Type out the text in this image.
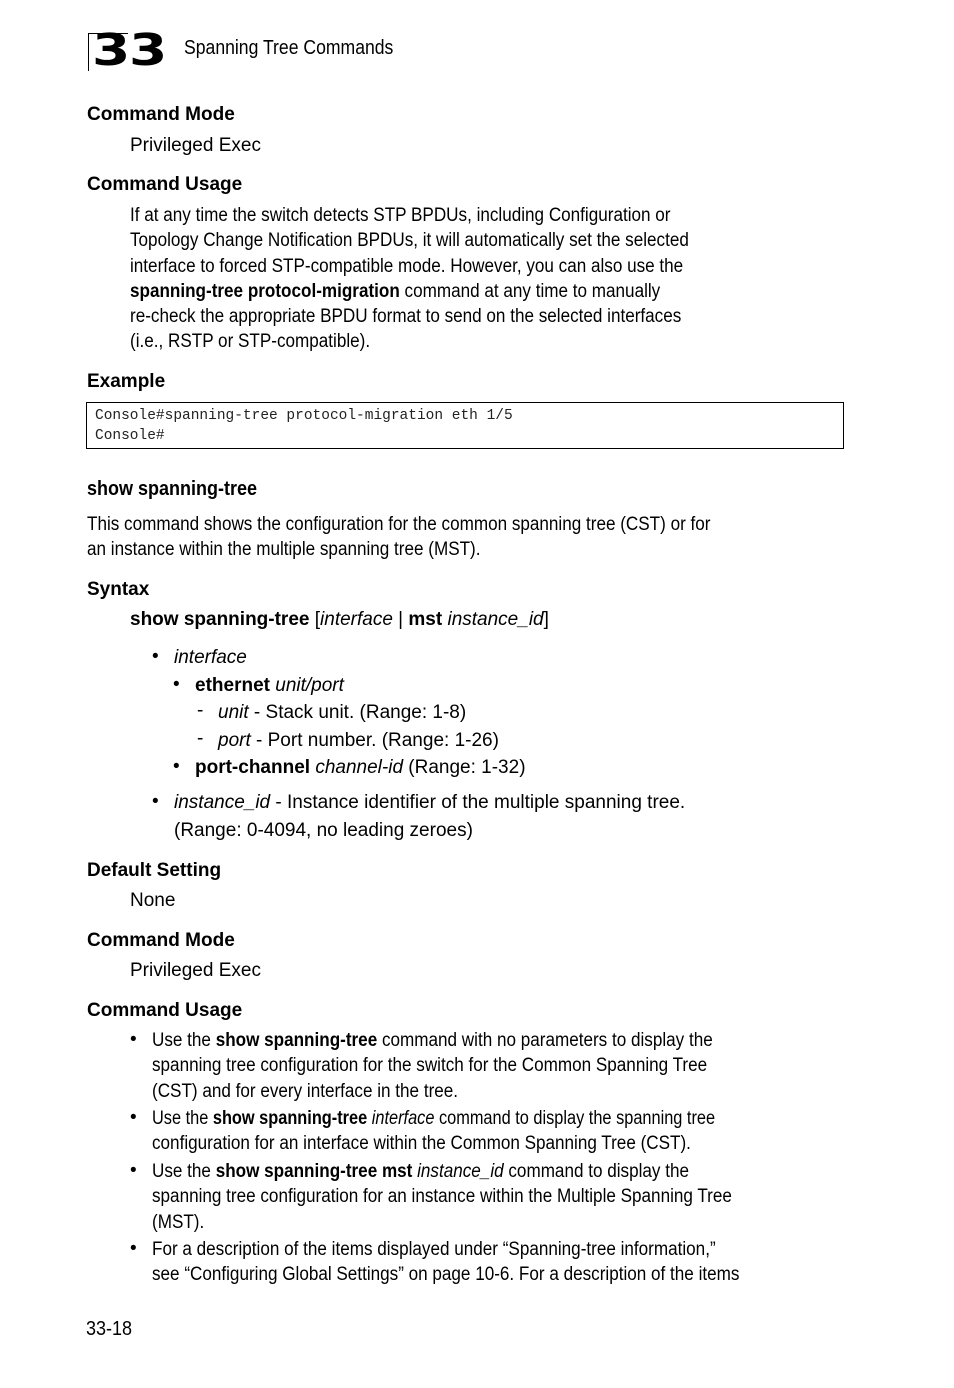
33 Spanning Tree Commands
Command Mode
Privileged Exec
Command Usage
If at any time the switch detects STP BPDUs, including Configuration or
Topology Change Notification BPDUs, it will automatically set the selected
interface to forced STP-compatible mode. However, you can also use the
spanning-tree protocol-migration command at any time to manually
re-check the appropriate BPDU format to send on the selected interfaces
(i.e., RSTP or STP-compatible).
Example
Console#spanning-tree protocol-migration eth 1/5
Console#
show spanning-tree
This command shows the configuration for the common spanning tree (CST) or for
an instance within the multiple spanning tree (MST).
Syntax
show spanning-tree [interface | mst instance_id]
• interface
• ethernet unit/port
- unit - Stack unit. (Range: 1-8)
- port - Port number. (Range: 1-26)
• port-channel channel-id (Range: 1-32)
• instance_id - Instance identifier of the multiple spanning tree.
(Range: 0-4094, no leading zeroes)
Default Setting
None
Command Mode
Privileged Exec
Command Usage
• Use the show spanning-tree command with no parameters to display the
spanning tree configuration for the switch for the Common Spanning Tree
(CST) and for every interface in the tree.
• Use the show spanning-tree interface command to display the spanning tree
configuration for an interface within the Common Spanning Tree (CST).
• Use the show spanning-tree mst instance_id command to display the
spanning tree configuration for an instance within the Multiple Spanning Tree
(MST).
• For a description of the items displayed under “Spanning-tree information,”
see “Configuring Global Settings” on page 10-6. For a description of the items
33-18
